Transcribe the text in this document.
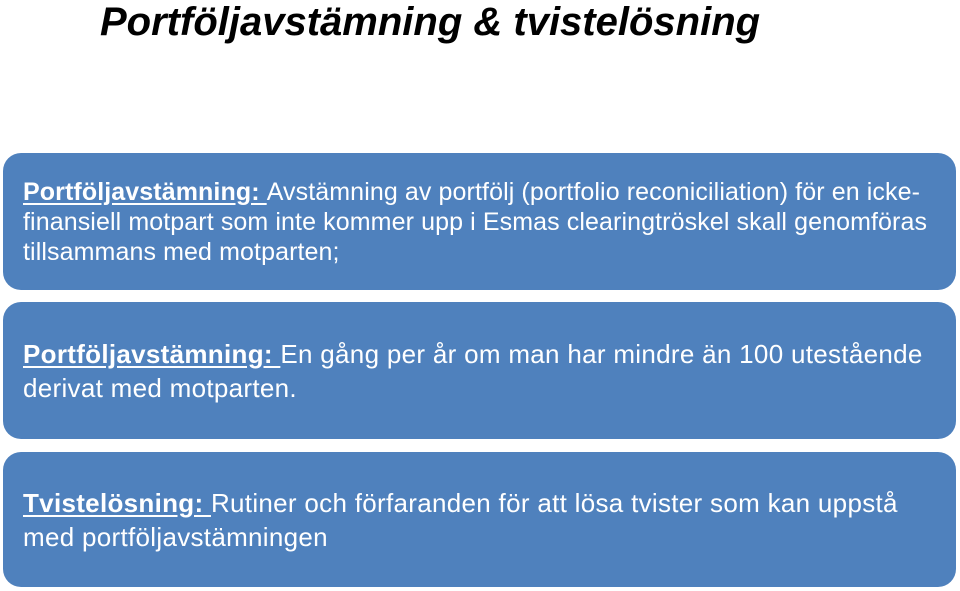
Portföljavstämning & tvistelösning

Portföljavstämning: Avstämning av portfölj (portfolio reconiciliation) för en icke-finansiell motpart som inte kommer upp i Esmas clearingtröskel skall genomföras tillsammans med motparten;

Portföljavstämning: En gång per år om man har mindre än 100 utestående derivat med motparten.

Tvistelösning: Rutiner och förfaranden för att lösa tvister som kan uppstå med portföljavstämningen
